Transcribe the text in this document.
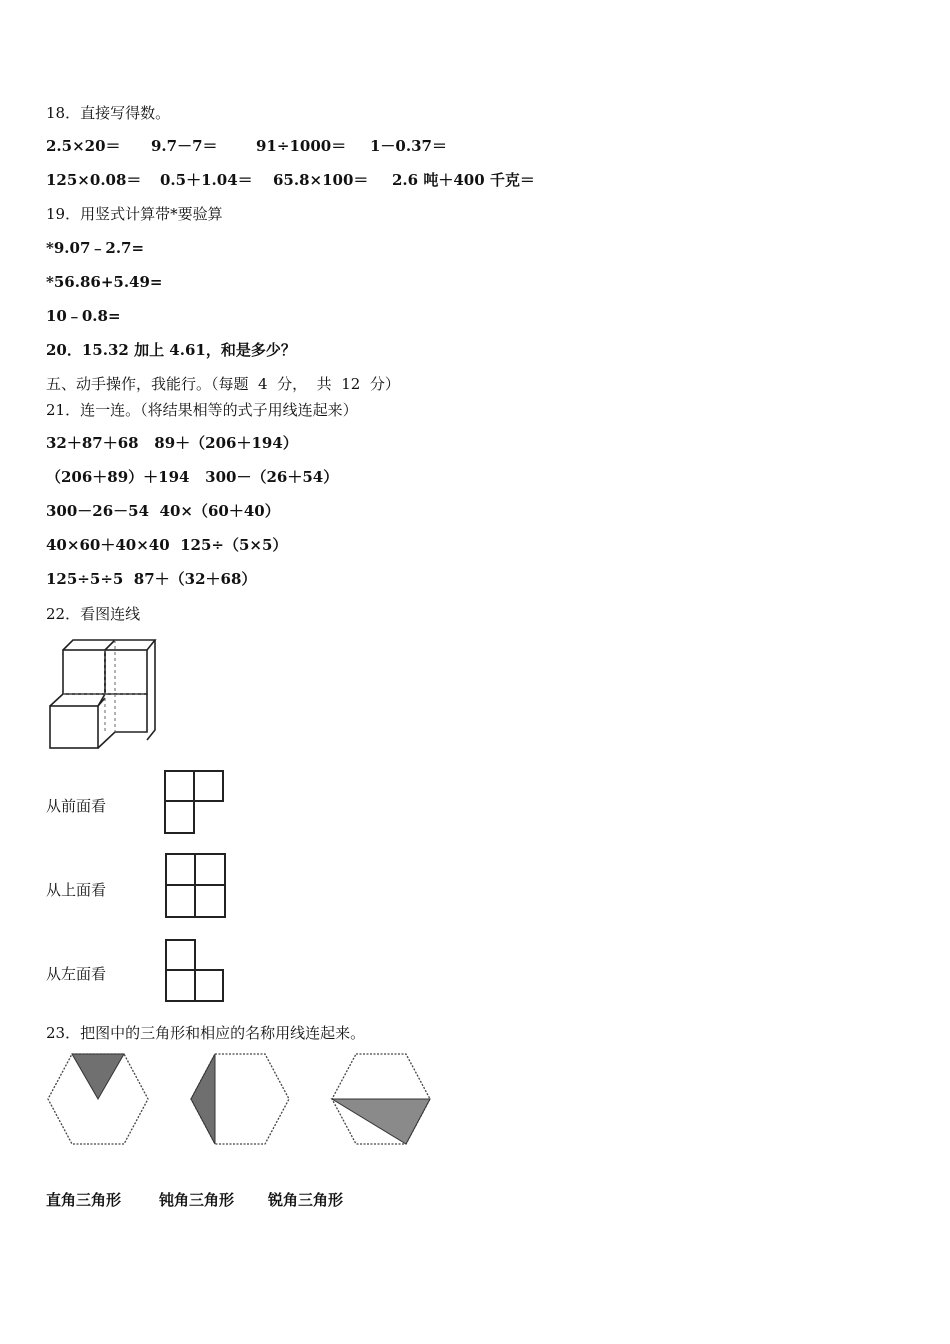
18．直接写得数。
2.5×20＝ 9.7－7＝	91÷1000＝ 1－0.37＝
125×0.08＝ 0.5＋1.04＝ 65.8×100＝ 2.6 吨＋400 千克＝
19．用竖式计算带*要验算
*9.07﹣2.7=
*56.86+5.49=
10﹣0.8=
20．15.32 加上 4.61，和是多少？
五、动手操作，我能行。（每题  4  分，  共  12  分）
21．连一连。（将结果相等的式子用线连起来）
32＋87＋68   89＋（206＋194）
（206＋89）＋194   300－（26＋54）
300－26－54  40×（60＋40）
40×60＋40×40  125÷（5×5）
125÷5÷5  87＋（32＋68）
22．看图连线
从前面看
从上面看
从左面看
23．把图中的三角形和相应的名称用线连起来。
直角三角形	钝角三角形 锐角三角形
